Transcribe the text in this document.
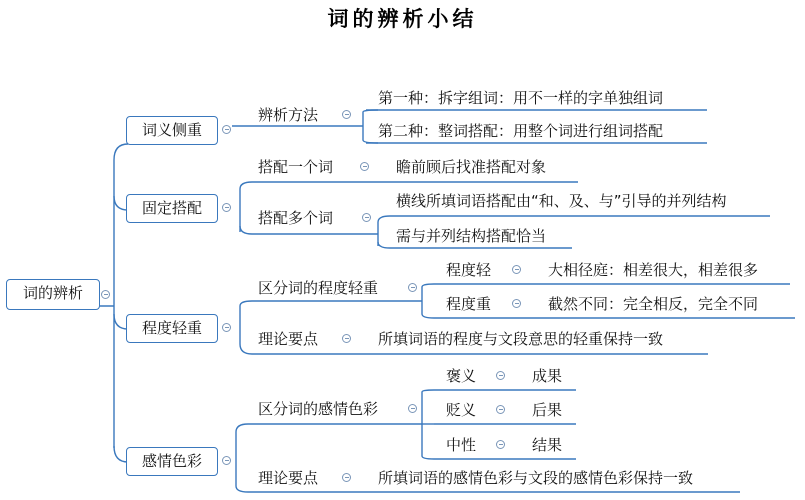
词的辨析小结
词的辨析
词义侧重
辨析方法
第一种：拆字组词：用不一样的字单独组词
第二种：整词搭配：用整个词进行组词搭配
固定搭配
搭配一个词	瞻前顾后找准搭配对象
搭配多个词
横线所填词语搭配由“和、及、与”引导的并列结构
需与并列结构搭配恰当
程度轻重
区分词的程度轻重
程度轻	大相径庭：相差很大，相差很多
程度重	截然不同：完全相反，完全不同
理论要点	所填词语的程度与文段意思的轻重保持一致
感情色彩
区分词的感情色彩
褒义	成果
贬义	后果
中性	结果
理论要点	所填词语的感情色彩与文段的感情色彩保持一致
